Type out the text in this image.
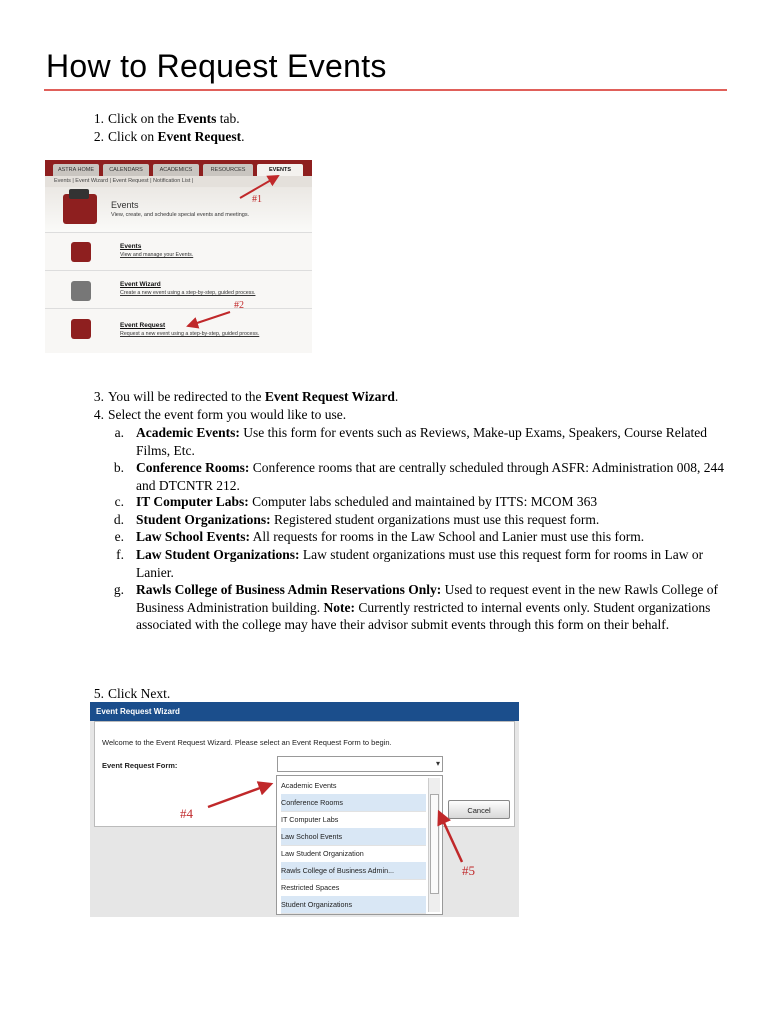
How to Request Events
1. Click on the Events tab.
2. Click on Event Request.
ASTRA HOME	CALENDARS	ACADEMICS	RESOURCES	EVENTS
Events | Event Wizard | Event Request | Notification List |
Events
View, create, and schedule special events and meetings.
Events
View and manage your Events.
Event Wizard
Create a new event using a step-by-step, guided process.
Event Request
Request a new event using a step-by-step, guided process.
#1
#2
3. You will be redirected to the Event Request Wizard.
4. Select the event form you would like to use.
a. Academic Events: Use this form for events such as Reviews, Make-up Exams, Speakers, Course Related Films, Etc.
b. Conference Rooms: Conference rooms that are centrally scheduled through ASFR: Administration 008, 244 and DTCNTR 212.
c. IT Computer Labs: Computer labs scheduled and maintained by ITTS: MCOM 363
d. Student Organizations: Registered student organizations must use this request form.
e. Law School Events: All requests for rooms in the Law School and Lanier must use this form.
f. Law Student Organizations: Law student organizations must use this request form for rooms in Law or Lanier.
g. Rawls College of Business Admin Reservations Only: Used to request event in the new Rawls College of Business Administration building. Note: Currently restricted to internal events only. Student organizations associated with the college may have their advisor submit events through this form on their behalf.
5. Click Next.
Event Request Wizard
Welcome to the Event Request Wizard. Please select an Event Request Form to begin.
Event Request Form:	▾
Cancel
Academic Events
Conference Rooms
IT Computer Labs
Law School Events
Law Student Organization
Rawls College of Business Admin...
Restricted Spaces
Student Organizations
#4
#5
